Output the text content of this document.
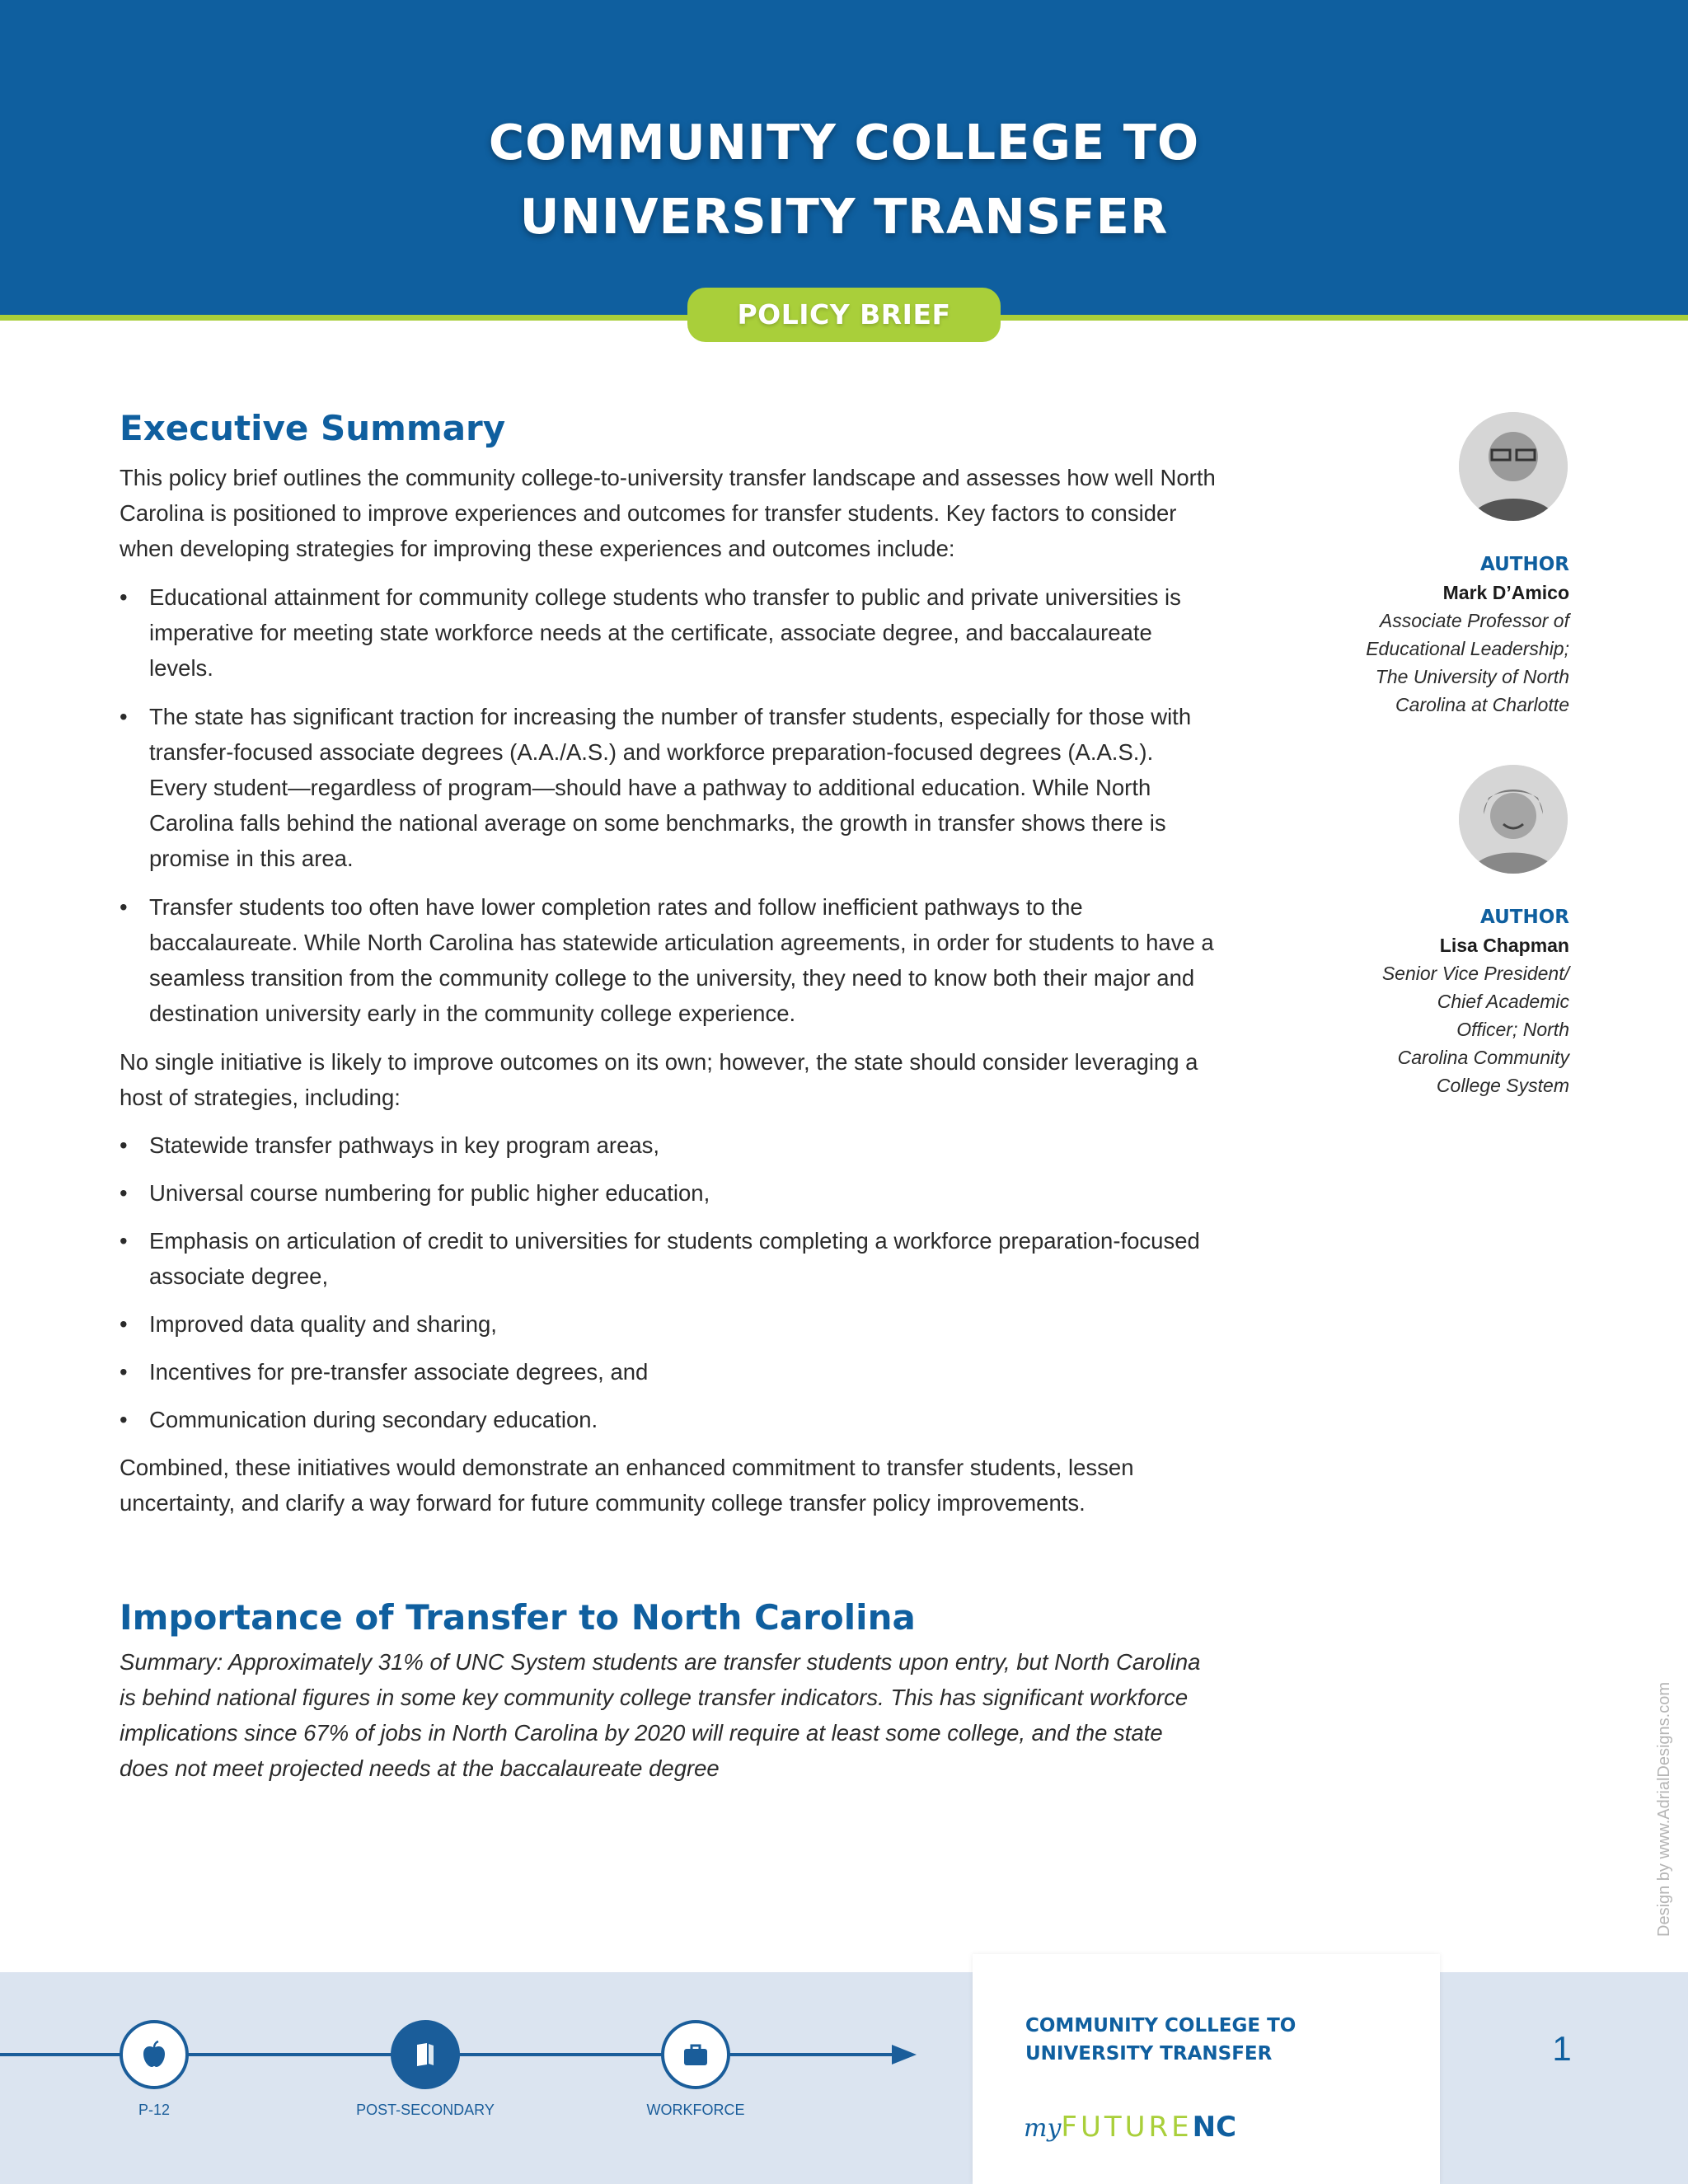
COMMUNITY COLLEGE TO
UNIVERSITY TRANSFER
POLICY BRIEF
Executive Summary

This policy brief outlines the community college-to-university transfer landscape and assesses how well North Carolina is positioned to improve experiences and outcomes for transfer students. Key factors to consider when developing strategies for improving these experiences and outcomes include:

• Educational attainment for community college students who transfer to public and private universities is imperative for meeting state workforce needs at the certificate, associate degree, and baccalaureate levels.
• The state has significant traction for increasing the number of transfer students, especially for those with transfer-focused associate degrees (A.A./A.S.) and workforce preparation-focused degrees (A.A.S.). Every student—regardless of program—should have a pathway to additional education. While North Carolina falls behind the national average on some benchmarks, the growth in transfer shows there is promise in this area.
• Transfer students too often have lower completion rates and follow inefficient pathways to the baccalaureate. While North Carolina has statewide articulation agreements, in order for students to have a seamless transition from the community college to the university, they need to know both their major and destination university early in the community college experience.

No single initiative is likely to improve outcomes on its own; however, the state should consider leveraging a host of strategies, including:

• Statewide transfer pathways in key program areas,
• Universal course numbering for public higher education,
• Emphasis on articulation of credit to universities for students completing a workforce preparation-focused associate degree,
• Improved data quality and sharing,
• Incentives for pre-transfer associate degrees, and
• Communication during secondary education.

Combined, these initiatives would demonstrate an enhanced commitment to transfer students, lessen uncertainty, and clarify a way forward for future community college transfer policy improvements.

Importance of Transfer to North Carolina

Summary: Approximately 31% of UNC System students are transfer students upon entry, but North Carolina is behind national figures in some key community college transfer indicators. This has significant workforce implications since 67% of jobs in North Carolina by 2020 will require at least some college, and the state does not meet projected needs at the baccalaureate degree

AUTHOR
Mark D’Amico
Associate Professor of
Educational Leadership;
The University of North
Carolina at Charlotte
AUTHOR
Lisa Chapman
Senior Vice President/
Chief Academic
Officer; North
Carolina Community
College System
Design by www.AdrialDesigns.com
P-12	POST-SECONDARY	WORKFORCE
COMMUNITY COLLEGE TO
UNIVERSITY TRANSFER
myFUTURENC
1
